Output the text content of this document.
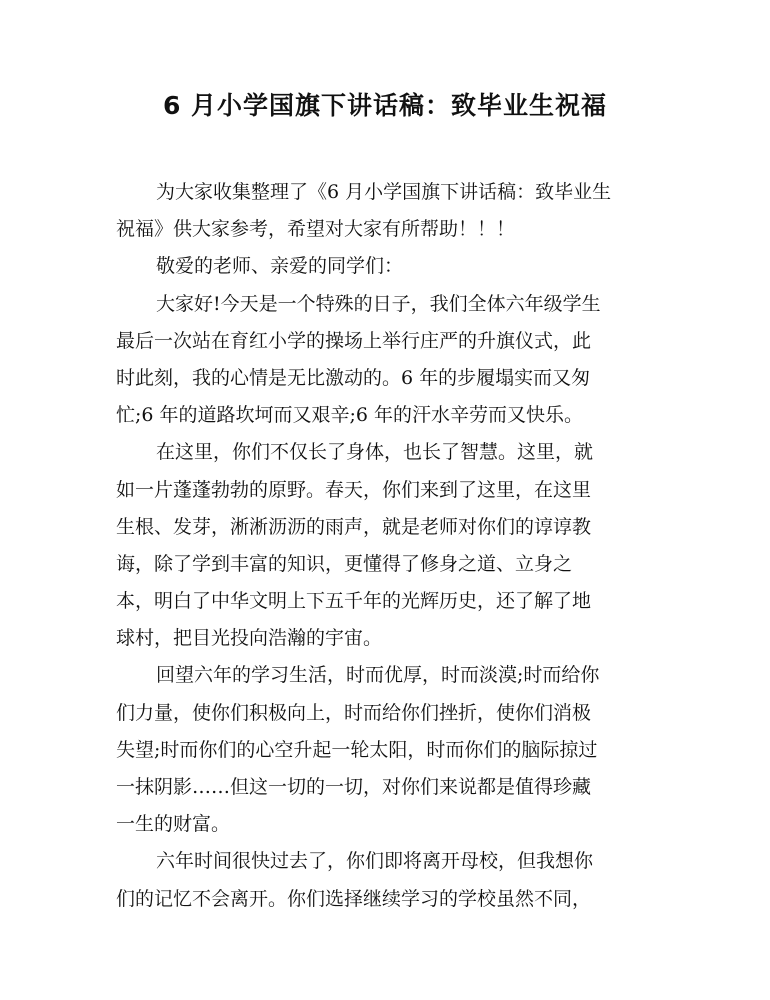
6 月小学国旗下讲话稿：致毕业生祝福
为大家收集整理了《6 月小学国旗下讲话稿：致毕业生
祝福》供大家参考，希望对大家有所帮助！！！
敬爱的老师、亲爱的同学们：
大家好!今天是一个特殊的日子，我们全体六年级学生
最后一次站在育红小学的操场上举行庄严的升旗仪式，此
时此刻，我的心情是无比激动的。6 年的步履塌实而又匆
忙;6 年的道路坎坷而又艰辛;6 年的汗水辛劳而又快乐。
在这里，你们不仅长了身体，也长了智慧。这里，就
如一片蓬蓬勃勃的原野。春天，你们来到了这里，在这里
生根、发芽，淅淅沥沥的雨声，就是老师对你们的谆谆教
诲，除了学到丰富的知识，更懂得了修身之道、立身之
本，明白了中华文明上下五千年的光辉历史，还了解了地
球村，把目光投向浩瀚的宇宙。
回望六年的学习生活，时而优厚，时而淡漠;时而给你
们力量，使你们积极向上，时而给你们挫折，使你们消极
失望;时而你们的心空升起一轮太阳，时而你们的脑际掠过
一抹阴影……但这一切的一切，对你们来说都是值得珍藏
一生的财富。
六年时间很快过去了，你们即将离开母校，但我想你
们的记忆不会离开。你们选择继续学习的学校虽然不同，
